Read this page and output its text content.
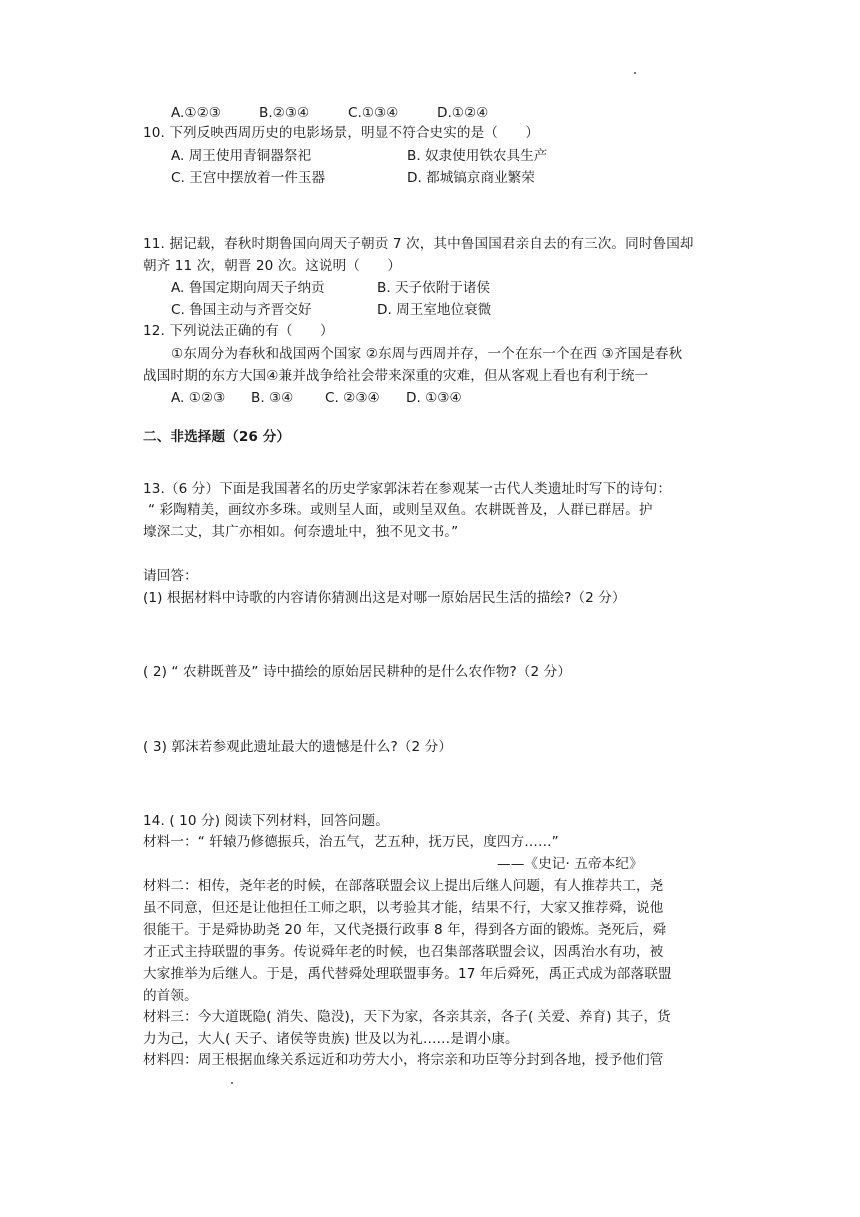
A.①②③	B.②③④	C.①③④	D.①②④
10. 下列反映西周历史的电影场景，明显不符合史实的是（　　）
A. 周王使用青铜器祭祀	B. 奴隶使用铁农具生产
C. 王宫中摆放着一件玉器	D. 都城镐京商业繁荣
11. 据记载，春秋时期鲁国向周天子朝贡 7 次，其中鲁国国君亲自去的有三次。同时鲁国却
朝齐 11 次，朝晋 20 次。这说明（　　）
A. 鲁国定期向周天子纳贡	B. 天子依附于诸侯
C. 鲁国主动与齐晋交好	D. 周王室地位衰微
12. 下列说法正确的有（　　）
①东周分为春秋和战国两个国家 ②东周与西周并存，一个在东一个在西 ③齐国是春秋
战国时期的东方大国④兼并战争给社会带来深重的灾难，但从客观上看也有利于统一
A. ①②③ B. ③④ C. ②③④ D. ①③④
二、非选择题（26 分）
13.（6 分）下面是我国著名的历史学家郭沫若在参观某一古代人类遗址时写下的诗句：
“ 彩陶精美，画纹亦多珠。或则呈人面，或则呈双鱼。农耕既普及，人群已群居。护
壕深二丈，其广亦相如。何奈遗址中，独不见文书。”
请回答：
(1) 根据材料中诗歌的内容请你猜测出这是对哪一原始居民生活的描绘?（2 分）
( 2) “ 农耕既普及” 诗中描绘的原始居民耕种的是什么农作物?（2 分）
( 3) 郭沫若参观此遗址最大的遗憾是什么?（2 分）
14. ( 10 分) 阅读下列材料，回答问题。
材料一：“ 轩辕乃修德振兵，治五气，艺五种，抚万民，度四方……”
——《史记· 五帝本纪》
材料二：相传，尧年老的时候，在部落联盟会议上提出后继人问题，有人推荐共工，尧
虽不同意，但还是让他担任工师之职，以考验其才能，结果不行，大家又推荐舜，说他
很能干。于是舜协助尧 20 年，又代尧摄行政事 8 年，得到各方面的锻炼。尧死后，舜
才正式主持联盟的事务。传说舜年老的时候，也召集部落联盟会议，因禹治水有功，被
大家推举为后继人。于是，禹代替舜处理联盟事务。17 年后舜死，禹正式成为部落联盟
的首领。
材料三：今大道既隐( 消失、隐没)，天下为家，各亲其亲，各子( 关爱、养育) 其子，货
力为己，大人( 天子、诸侯等贵族) 世及以为礼……是谓小康。
材料四：周王根据血缘关系远近和功劳大小，将宗亲和功臣等分封到各地，授予他们管
